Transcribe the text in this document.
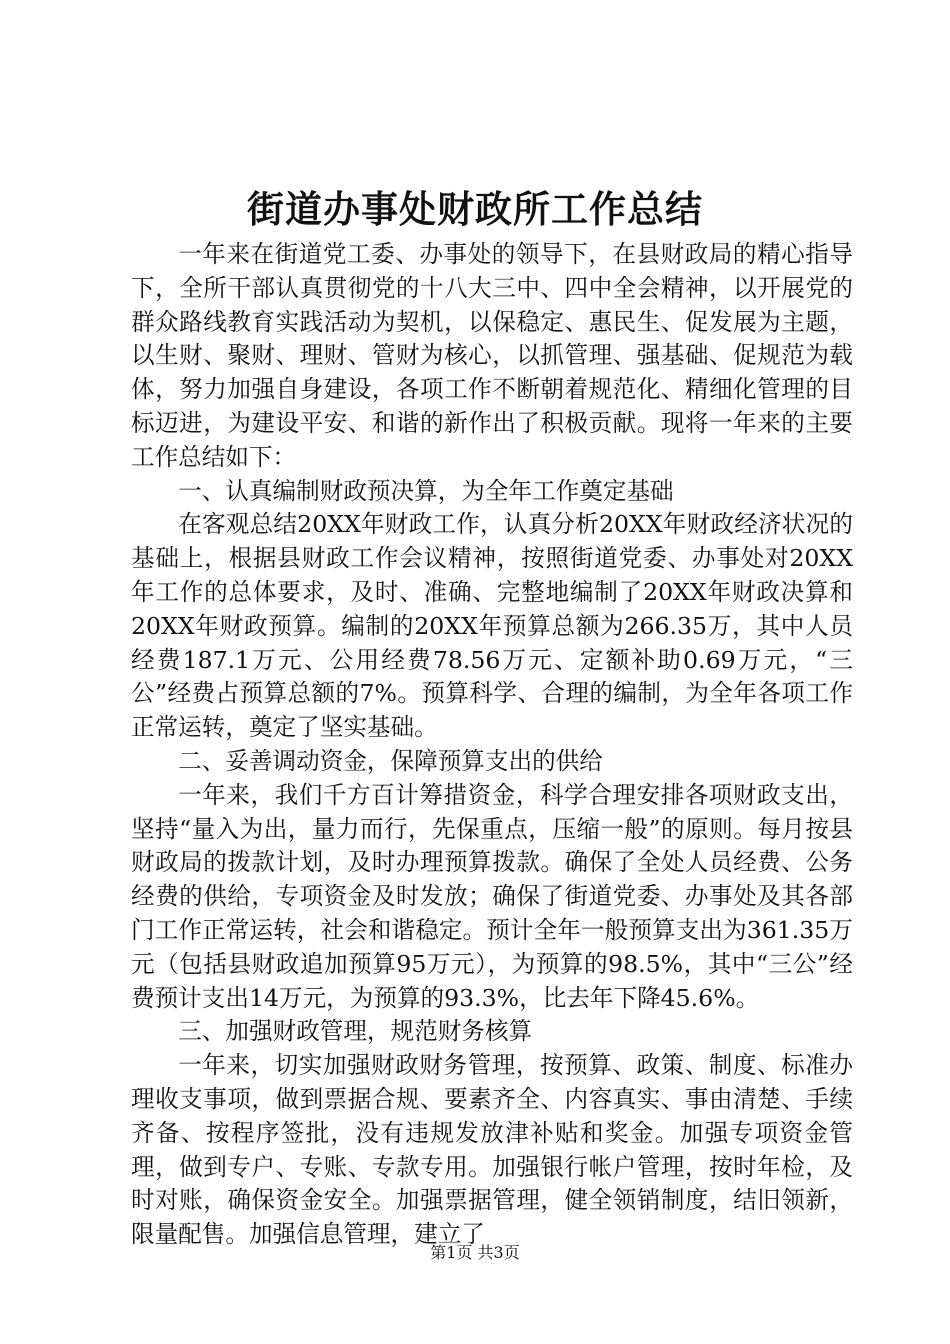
街道办事处财政所工作总结

一年来在街道党工委、办事处的领导下，在县财政局的精心指导下，全所干部认真贯彻党的十八大三中、四中全会精神，以开展党的群众路线教育实践活动为契机，以保稳定、惠民生、促发展为主题，以生财、聚财、理财、管财为核心，以抓管理、强基础、促规范为载体，努力加强自身建设，各项工作不断朝着规范化、精细化管理的目标迈进，为建设平安、和谐的新作出了积极贡献。现将一年来的主要工作总结如下：

一、认真编制财政预决算，为全年工作奠定基础

在客观总结20XX年财政工作，认真分析20XX年财政经济状况的基础上，根据县财政工作会议精神，按照街道党委、办事处对20XX年工作的总体要求，及时、准确、完整地编制了20XX年财政决算和20XX年财政预算。编制的20XX年预算总额为266.35万，其中人员经费187.1万元、公用经费78.56万元、定额补助0.69万元，“三公”经费占预算总额的7%。预算科学、合理的编制，为全年各项工作正常运转，奠定了坚实基础。

二、妥善调动资金，保障预算支出的供给

一年来，我们千方百计筹措资金，科学合理安排各项财政支出，坚持“量入为出，量力而行，先保重点，压缩一般”的原则。每月按县财政局的拨款计划，及时办理预算拨款。确保了全处人员经费、公务经费的供给，专项资金及时发放；确保了街道党委、办事处及其各部门工作正常运转，社会和谐稳定。预计全年一般预算支出为361.35万元（包括县财政追加预算95万元），为预算的98.5%，其中“三公”经费预计支出14万元，为预算的93.3%，比去年下降45.6%。

三、加强财政管理，规范财务核算

一年来，切实加强财政财务管理，按预算、政策、制度、标准办理收支事项，做到票据合规、要素齐全、内容真实、事由清楚、手续齐备、按程序签批，没有违规发放津补贴和奖金。加强专项资金管理，做到专户、专账、专款专用。加强银行帐户管理，按时年检，及时对账，确保资金安全。加强票据管理，健全领销制度，结旧领新，限量配售。加强信息管理，建立了

第1页 共3页
